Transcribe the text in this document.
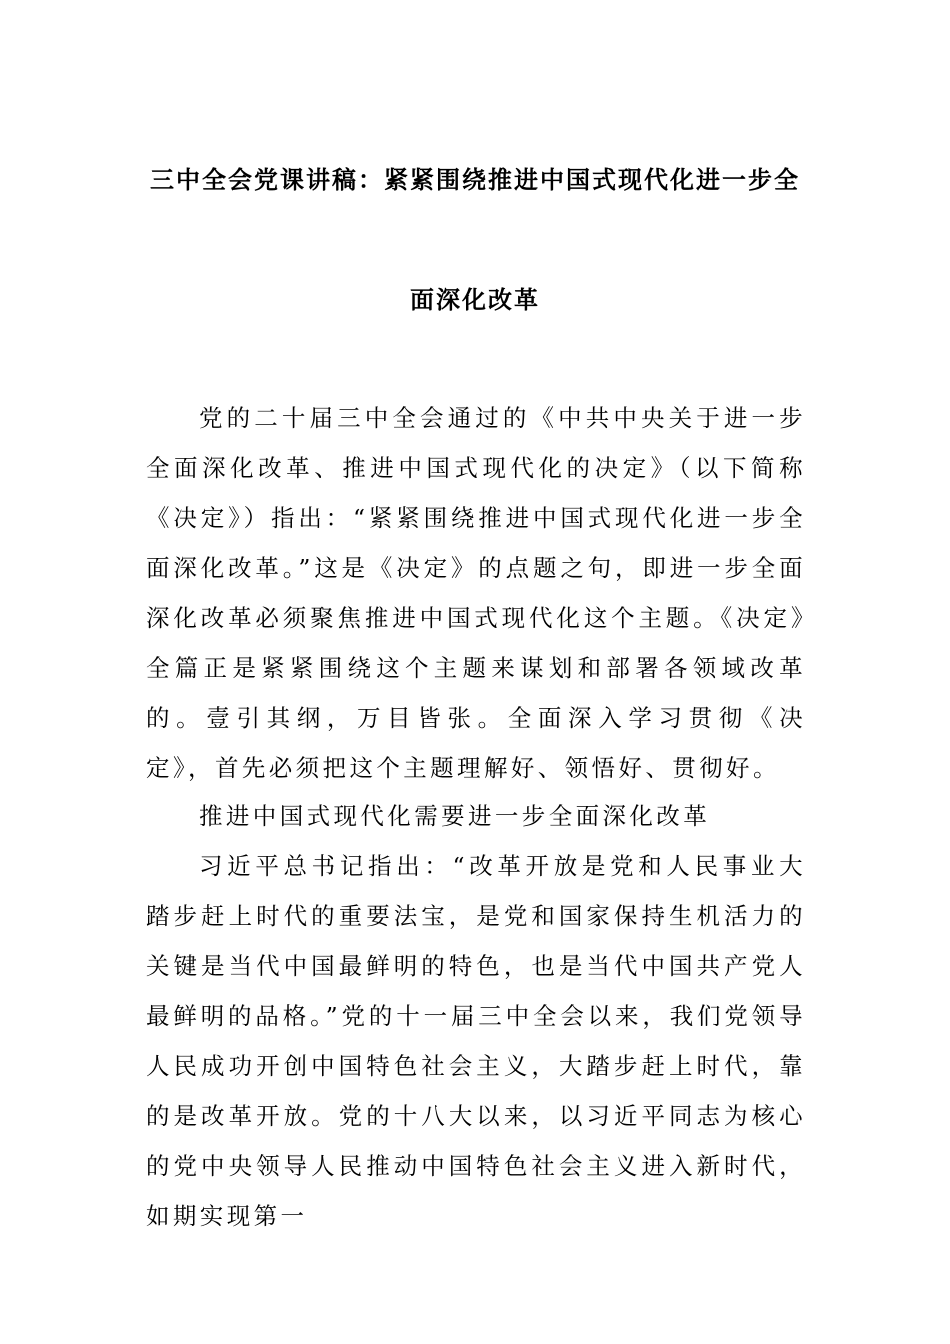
三中全会党课讲稿：紧紧围绕推进中国式现代化进一步全
面深化改革

党的二十届三中全会通过的《中共中央关于进一步全面深化改革、推进中国式现代化的决定》（以下简称《决定》）指出：“紧紧围绕推进中国式现代化进一步全面深化改革。”这是《决定》的点题之句，即进一步全面深化改革必须聚焦推进中国式现代化这个主题。《决定》全篇正是紧紧围绕这个主题来谋划和部署各领域改革的。壹引其纲，万目皆张。全面深入学习贯彻《决定》，首先必须把这个主题理解好、领悟好、贯彻好。

推进中国式现代化需要进一步全面深化改革

习近平总书记指出：“改革开放是党和人民事业大踏步赶上时代的重要法宝，是党和国家保持生机活力的关键是当代中国最鲜明的特色，也是当代中国共产党人最鲜明的品格。”党的十一届三中全会以来，我们党领导人民成功开创中国特色社会主义，大踏步赶上时代，靠的是改革开放。党的十八大以来，以习近平同志为核心的党中央领导人民推动中国特色社会主义进入新时代，如期实现第一
